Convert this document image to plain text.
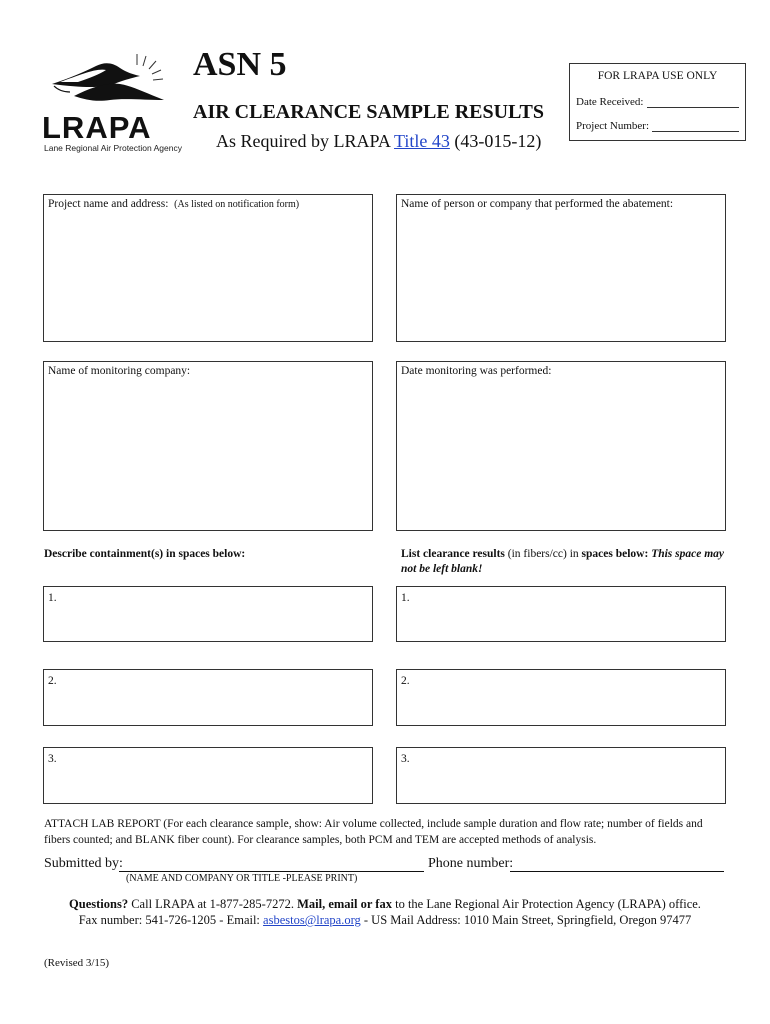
LRAPA
Lane Regional Air Protection Agency
ASN 5
AIR CLEARANCE SAMPLE RESULTS
As Required by LRAPA Title 43 (43-015-12)
FOR LRAPA USE ONLY
Date Received:
Project Number:
Project name and address: (As listed on notification form)	Name of person or company that performed the abatement:
Name of monitoring company:	Date monitoring was performed:
Describe containment(s) in spaces below:	List clearance results (in fibers/cc) in spaces below: This space may not be left blank!
1.
2.
3.
1.
2.
3.
ATTACH LAB REPORT (For each clearance sample, show: Air volume collected, include sample duration and flow rate; number of fields and fibers counted; and BLANK fiber count). For clearance samples, both PCM and TEM are accepted methods of analysis.
Submitted by:	Phone number:
(NAME AND COMPANY OR TITLE -PLEASE PRINT)
Questions? Call LRAPA at 1-877-285-7272. Mail, email or fax to the Lane Regional Air Protection Agency (LRAPA) office.
Fax number: 541-726-1205 - Email: asbestos@lrapa.org - US Mail Address: 1010 Main Street, Springfield, Oregon 97477
(Revised 3/15)
